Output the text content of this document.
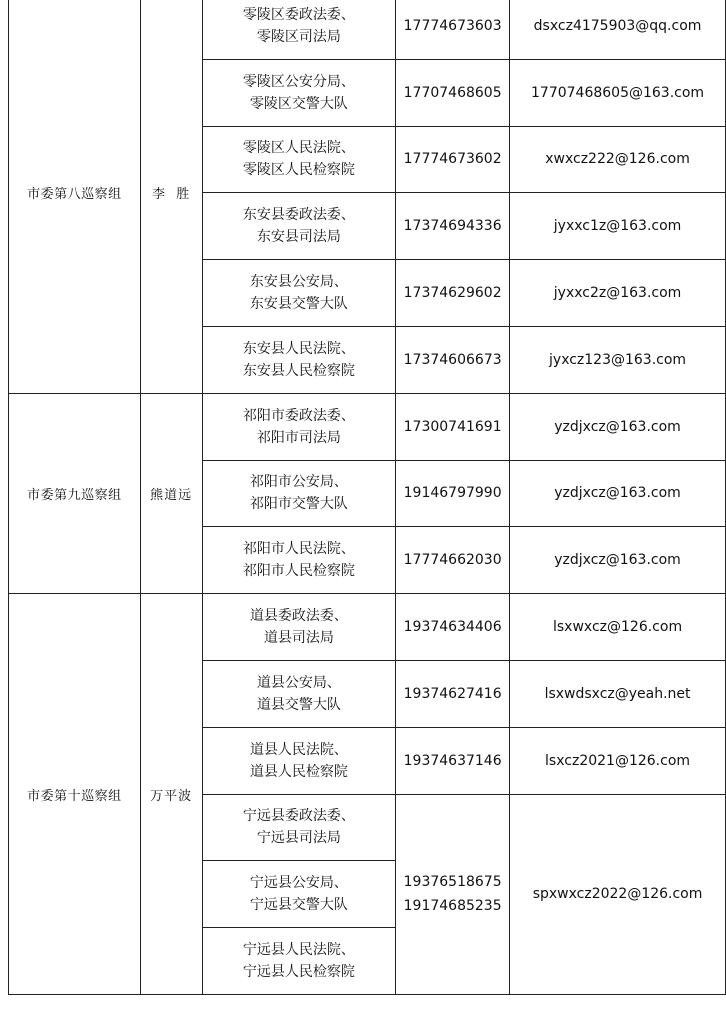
市委第八巡察组	李  胜	零陵区委政法委、
零陵区司法局	17774673603	dsxcz4175903@qq.com

		零陵区公安分局、
零陵区交警大队	17707468605	17707468605@163.com

		零陵区人民法院、
零陵区人民检察院	17774673602	xwxcz222@126.com

		东安县委政法委、
东安县司法局	17374694336	jyxxc1z@163.com

		东安县公安局、
东安县交警大队	17374629602	jyxxc2z@163.com

		东安县人民法院、
东安县人民检察院	17374606673	jyxcz123@163.com
市委第九巡察组	熊道远	祁阳市委政法委、
祁阳市司法局	17300741691	yzdjxcz@163.com

		祁阳市公安局、
祁阳市交警大队	19146797990	yzdjxcz@163.com

		祁阳市人民法院、
祁阳市人民检察院	17774662030	yzdjxcz@163.com
市委第十巡察组	万平波	道县委政法委、
道县司法局	19374634406	lsxwxcz@126.com

		道县公安局、
道县交警大队	19374627416	lsxwdsxcz@yeah.net

		道县人民法院、
道县人民检察院	19374637146	lsxcz2021@126.com

		宁远县委政法委、
宁远县司法局	19376518675
19174685235	spxwxcz2022@126.com

		宁远县公安局、
宁远县交警大队		

		宁远县人民法院、
宁远县人民检察院		
